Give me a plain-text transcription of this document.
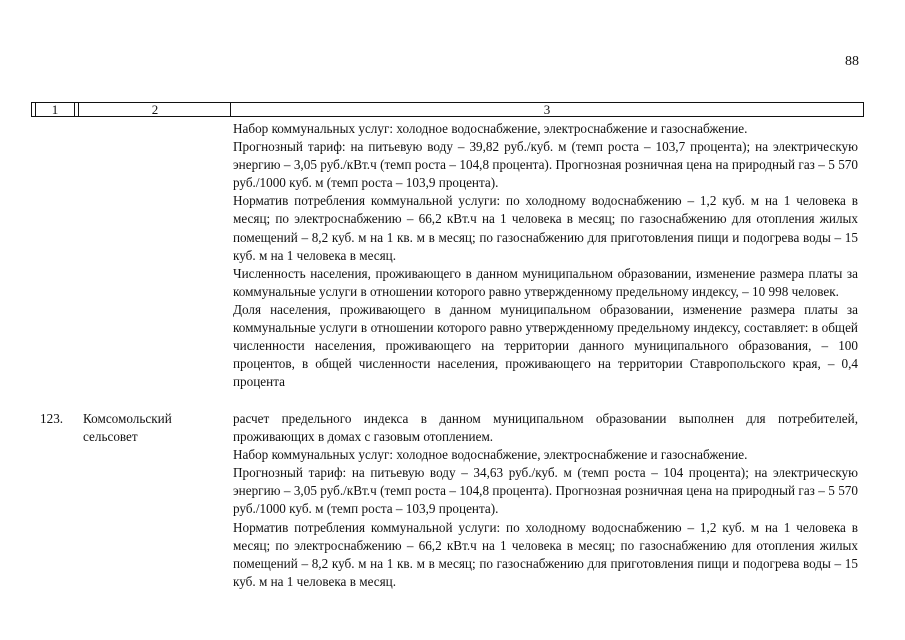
88
1	2	3

Набор коммунальных услуг: холодное водоснабжение, электроснабжение и газоснабжение.

Прогнозный тариф: на питьевую воду – 39,82 руб./куб. м (темп роста – 103,7 процента); на электрическую энергию – 3,05 руб./кВт.ч (темп роста – 104,8 процента). Прогнозная розничная цена на природный газ – 5 570 руб./1000 куб. м (темп роста – 103,9 процента).

Норматив потребления коммунальной услуги: по холодному водоснабжению – 1,2 куб. м на 1 человека в месяц; по электроснабжению – 66,2 кВт.ч на 1 человека в месяц; по газоснабжению для отопления жилых помещений – 8,2 куб. м на 1 кв. м в месяц; по газоснабжению для приготовления пищи и подогрева воды – 15 куб. м на 1 человека в месяц.

Численность населения, проживающего в данном муниципальном образовании, изменение размера платы за коммунальные услуги в отношении которого равно утвержденному предельному индексу, – 10 998 человек.

Доля населения, проживающего в данном муниципальном образовании, изменение размера платы за коммунальные услуги в отношении которого равно утвержденному предельному индексу, составляет: в общей численности населения, проживающего на территории данного муниципального образования, – 100 процентов, в общей численности населения, проживающего на территории Ставропольского края, – 0,4 процента

123. Комсомольский сельсовет

расчет предельного индекса в данном муниципальном образовании выполнен для потребителей, проживающих в домах с газовым отоплением.

Набор коммунальных услуг: холодное водоснабжение, электроснабжение и газоснабжение.

Прогнозный тариф: на питьевую воду – 34,63 руб./куб. м (темп роста – 104 процента); на электрическую энергию – 3,05 руб./кВт.ч (темп роста – 104,8 процента). Прогнозная розничная цена на природный газ – 5 570 руб./1000 куб. м (темп роста – 103,9 процента).

Норматив потребления коммунальной услуги: по холодному водоснабжению – 1,2 куб. м на 1 человека в месяц; по электроснабжению – 66,2 кВт.ч на 1 человека в месяц; по газоснабжению для отопления жилых помещений – 8,2 куб. м на 1 кв. м в месяц; по газоснабжению для приготовления пищи и подогрева воды – 15 куб. м на 1 человека в месяц.
